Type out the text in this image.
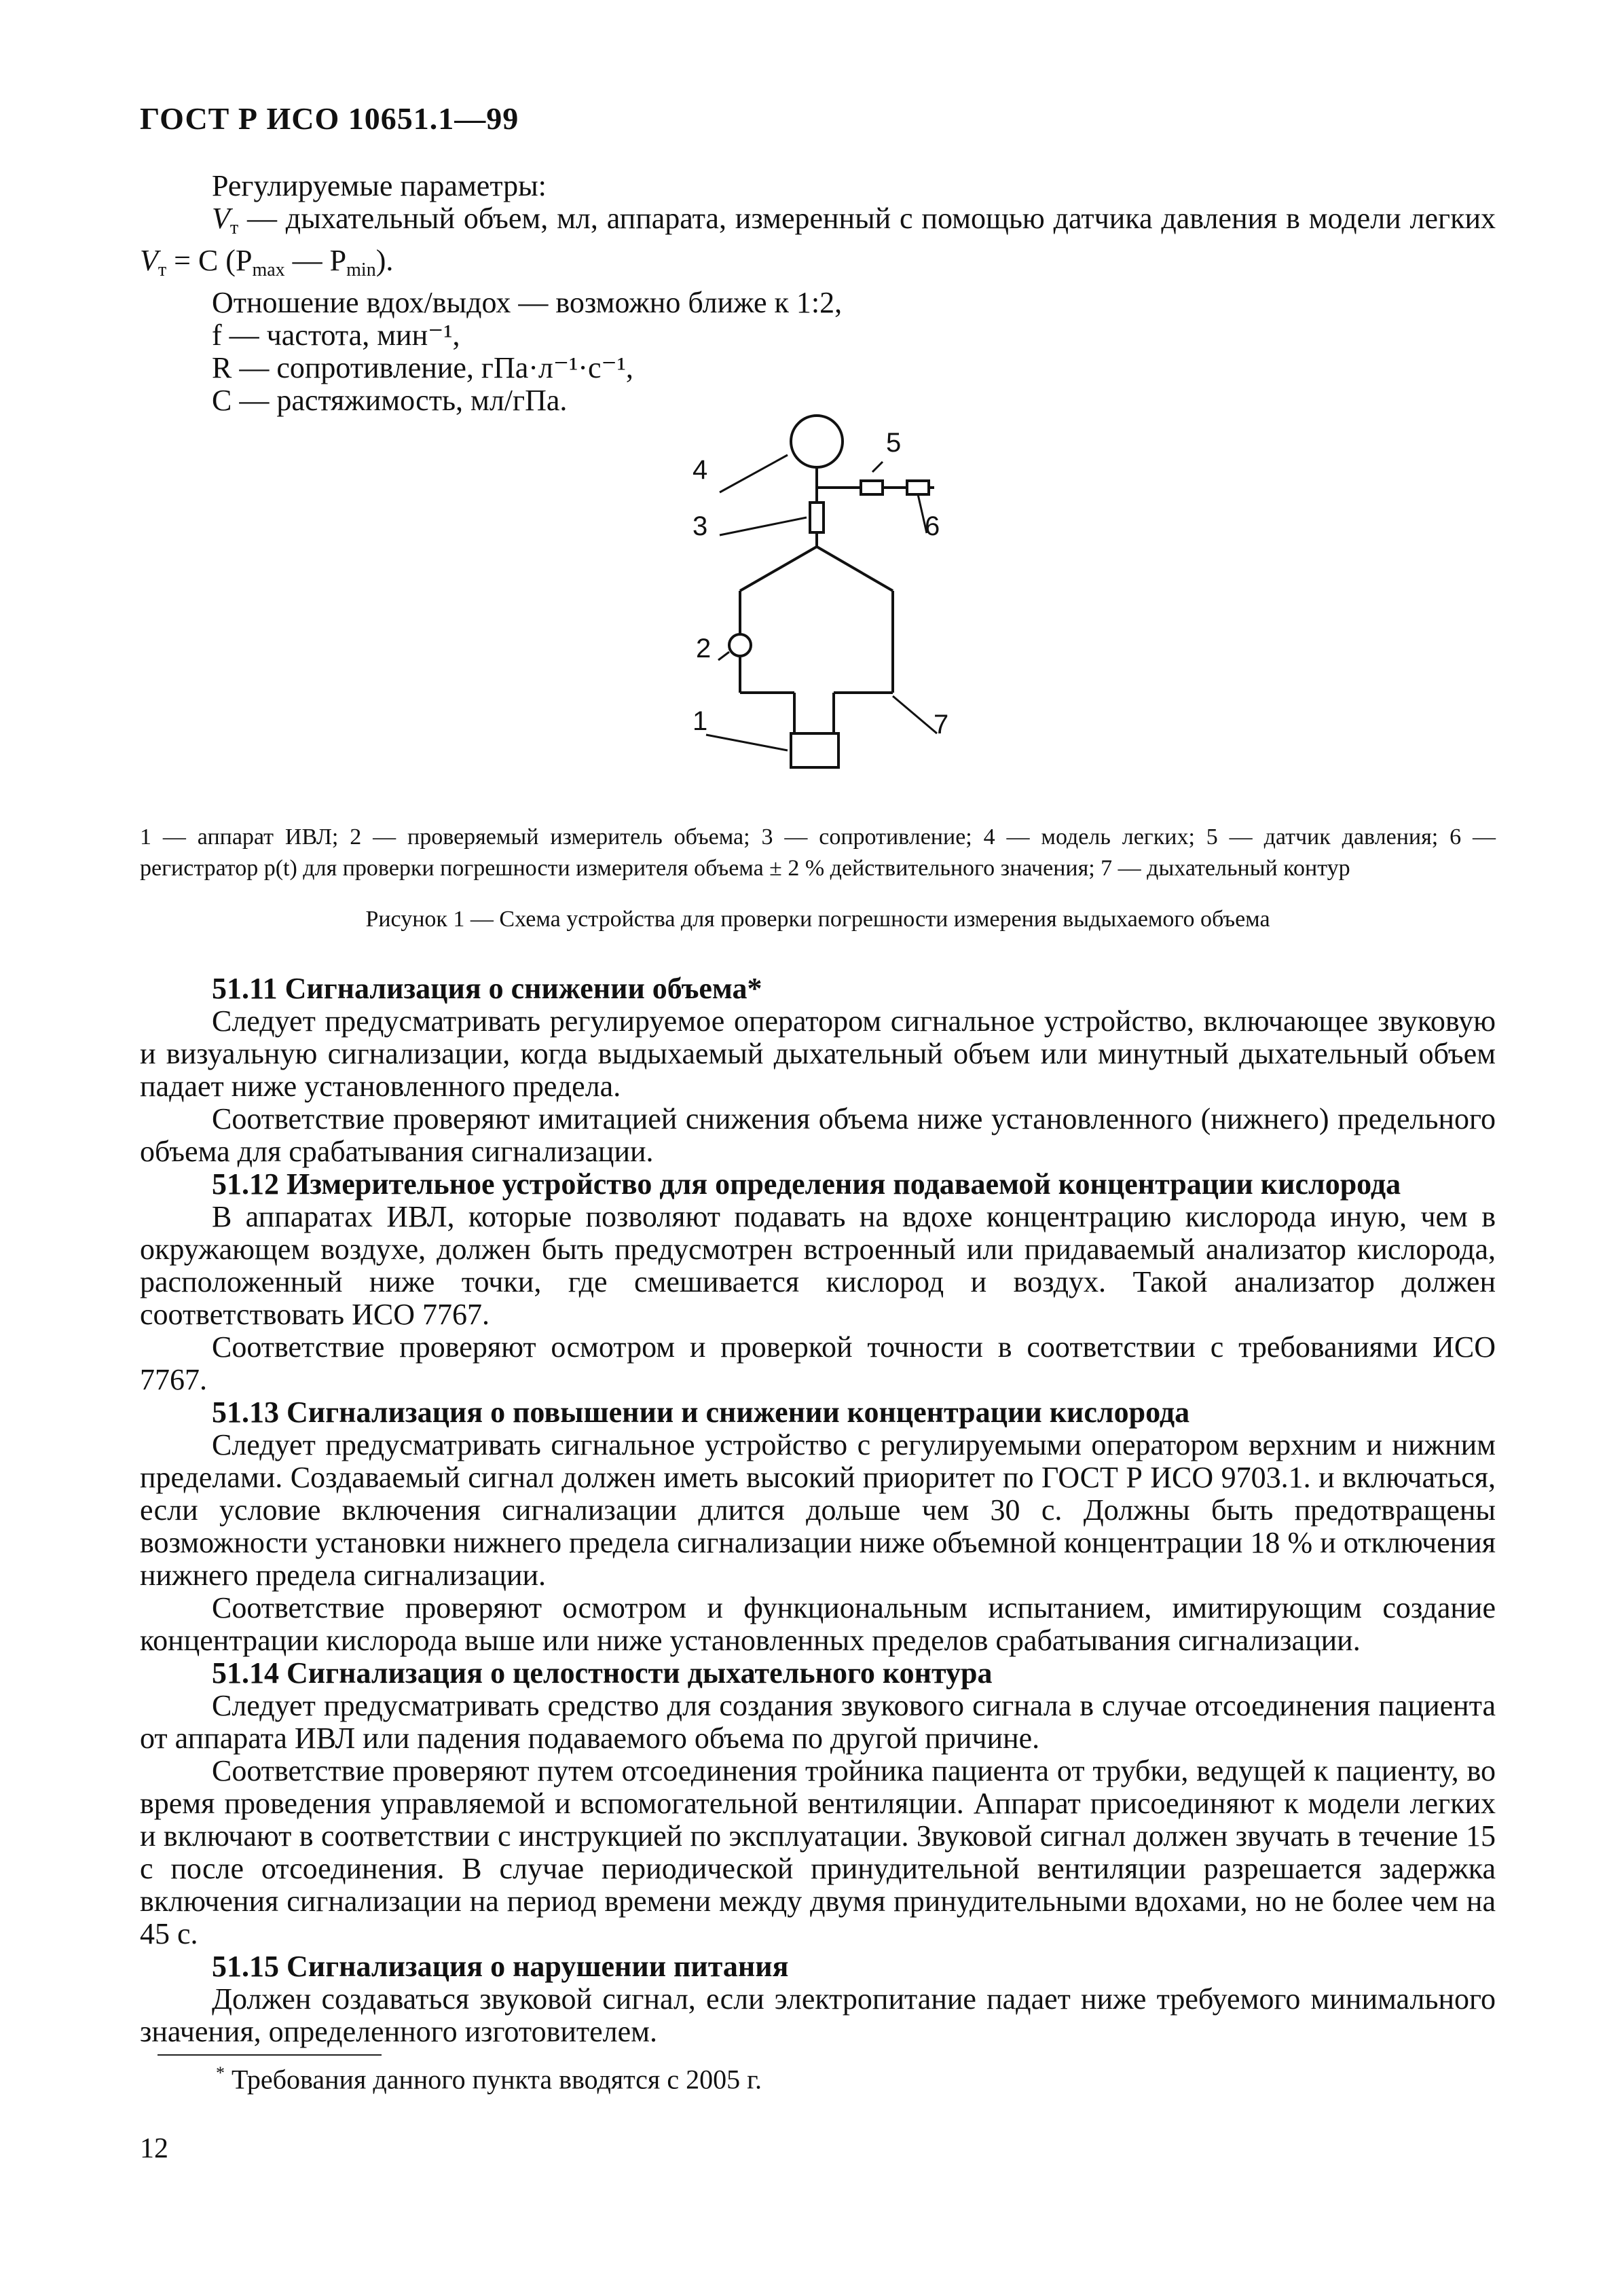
ГОСТ Р ИСО 10651.1—99

Регулируемые параметры:

$V_т$ — дыхательный объем, мл, аппарата, измеренный с помощью датчика давления в модели легких $V_т = C$ ($P_{max}$ — $P_{min}$).

Отношение вдох/выдох — возможно ближе к 1:2,

f — частота, мин⁻¹,

R — сопротивление, гПа·л⁻¹·с⁻¹,

C — растяжимость, мл/гПа.

4
5
3	6
2
1	7
1 — аппарат ИВЛ; 2 — проверяемый измеритель объема; 3 — сопротивление; 4 — модель легких; 5 — датчик давления; 6 — регистратор p(t) для проверки погрешности измерителя объема ± 2 % действительного значения; 7 — дыхательный контур
Рисунок 1 — Схема устройства для проверки погрешности измерения выдыхаемого объема

51.11 Сигнализация о снижении объема*

Следует предусматривать регулируемое оператором сигнальное устройство, включающее звуковую и визуальную сигнализации, когда выдыхаемый дыхательный объем или минутный дыхательный объем падает ниже установленного предела.

Соответствие проверяют имитацией снижения объема ниже установленного (нижнего) предельного объема для срабатывания сигнализации.

51.12 Измерительное устройство для определения подаваемой концентрации кислорода

В аппаратах ИВЛ, которые позволяют подавать на вдохе концентрацию кислорода иную, чем в окружающем воздухе, должен быть предусмотрен встроенный или придаваемый анализатор кислорода, расположенный ниже точки, где смешивается кислород и воздух. Такой анализатор должен соответствовать ИСО 7767.

Соответствие проверяют осмотром и проверкой точности в соответствии с требованиями ИСО 7767.

51.13 Сигнализация о повышении и снижении концентрации кислорода

Следует предусматривать сигнальное устройство с регулируемыми оператором верхним и нижним пределами. Создаваемый сигнал должен иметь высокий приоритет по ГОСТ Р ИСО 9703.1. и включаться, если условие включения сигнализации длится дольше чем 30 с. Должны быть предотвращены возможности установки нижнего предела сигнализации ниже объемной концентрации 18 % и отключения нижнего предела сигнализации.

Соответствие проверяют осмотром и функциональным испытанием, имитирующим создание концентрации кислорода выше или ниже установленных пределов срабатывания сигнализации.

51.14 Сигнализация о целостности дыхательного контура

Следует предусматривать средство для создания звукового сигнала в случае отсоединения пациента от аппарата ИВЛ или падения подаваемого объема по другой причине.

Соответствие проверяют путем отсоединения тройника пациента от трубки, ведущей к пациенту, во время проведения управляемой и вспомогательной вентиляции. Аппарат присоединяют к модели легких и включают в соответствии с инструкцией по эксплуатации. Звуковой сигнал должен звучать в течение 15 с после отсоединения. В случае периодической принудительной вентиляции разрешается задержка включения сигнализации на период времени между двумя принудительными вдохами, но не более чем на 45 с.

51.15 Сигнализация о нарушении питания

Должен создаваться звуковой сигнал, если электропитание падает ниже требуемого минимального значения, определенного изготовителем.

* Требования данного пункта вводятся с 2005 г.
12
